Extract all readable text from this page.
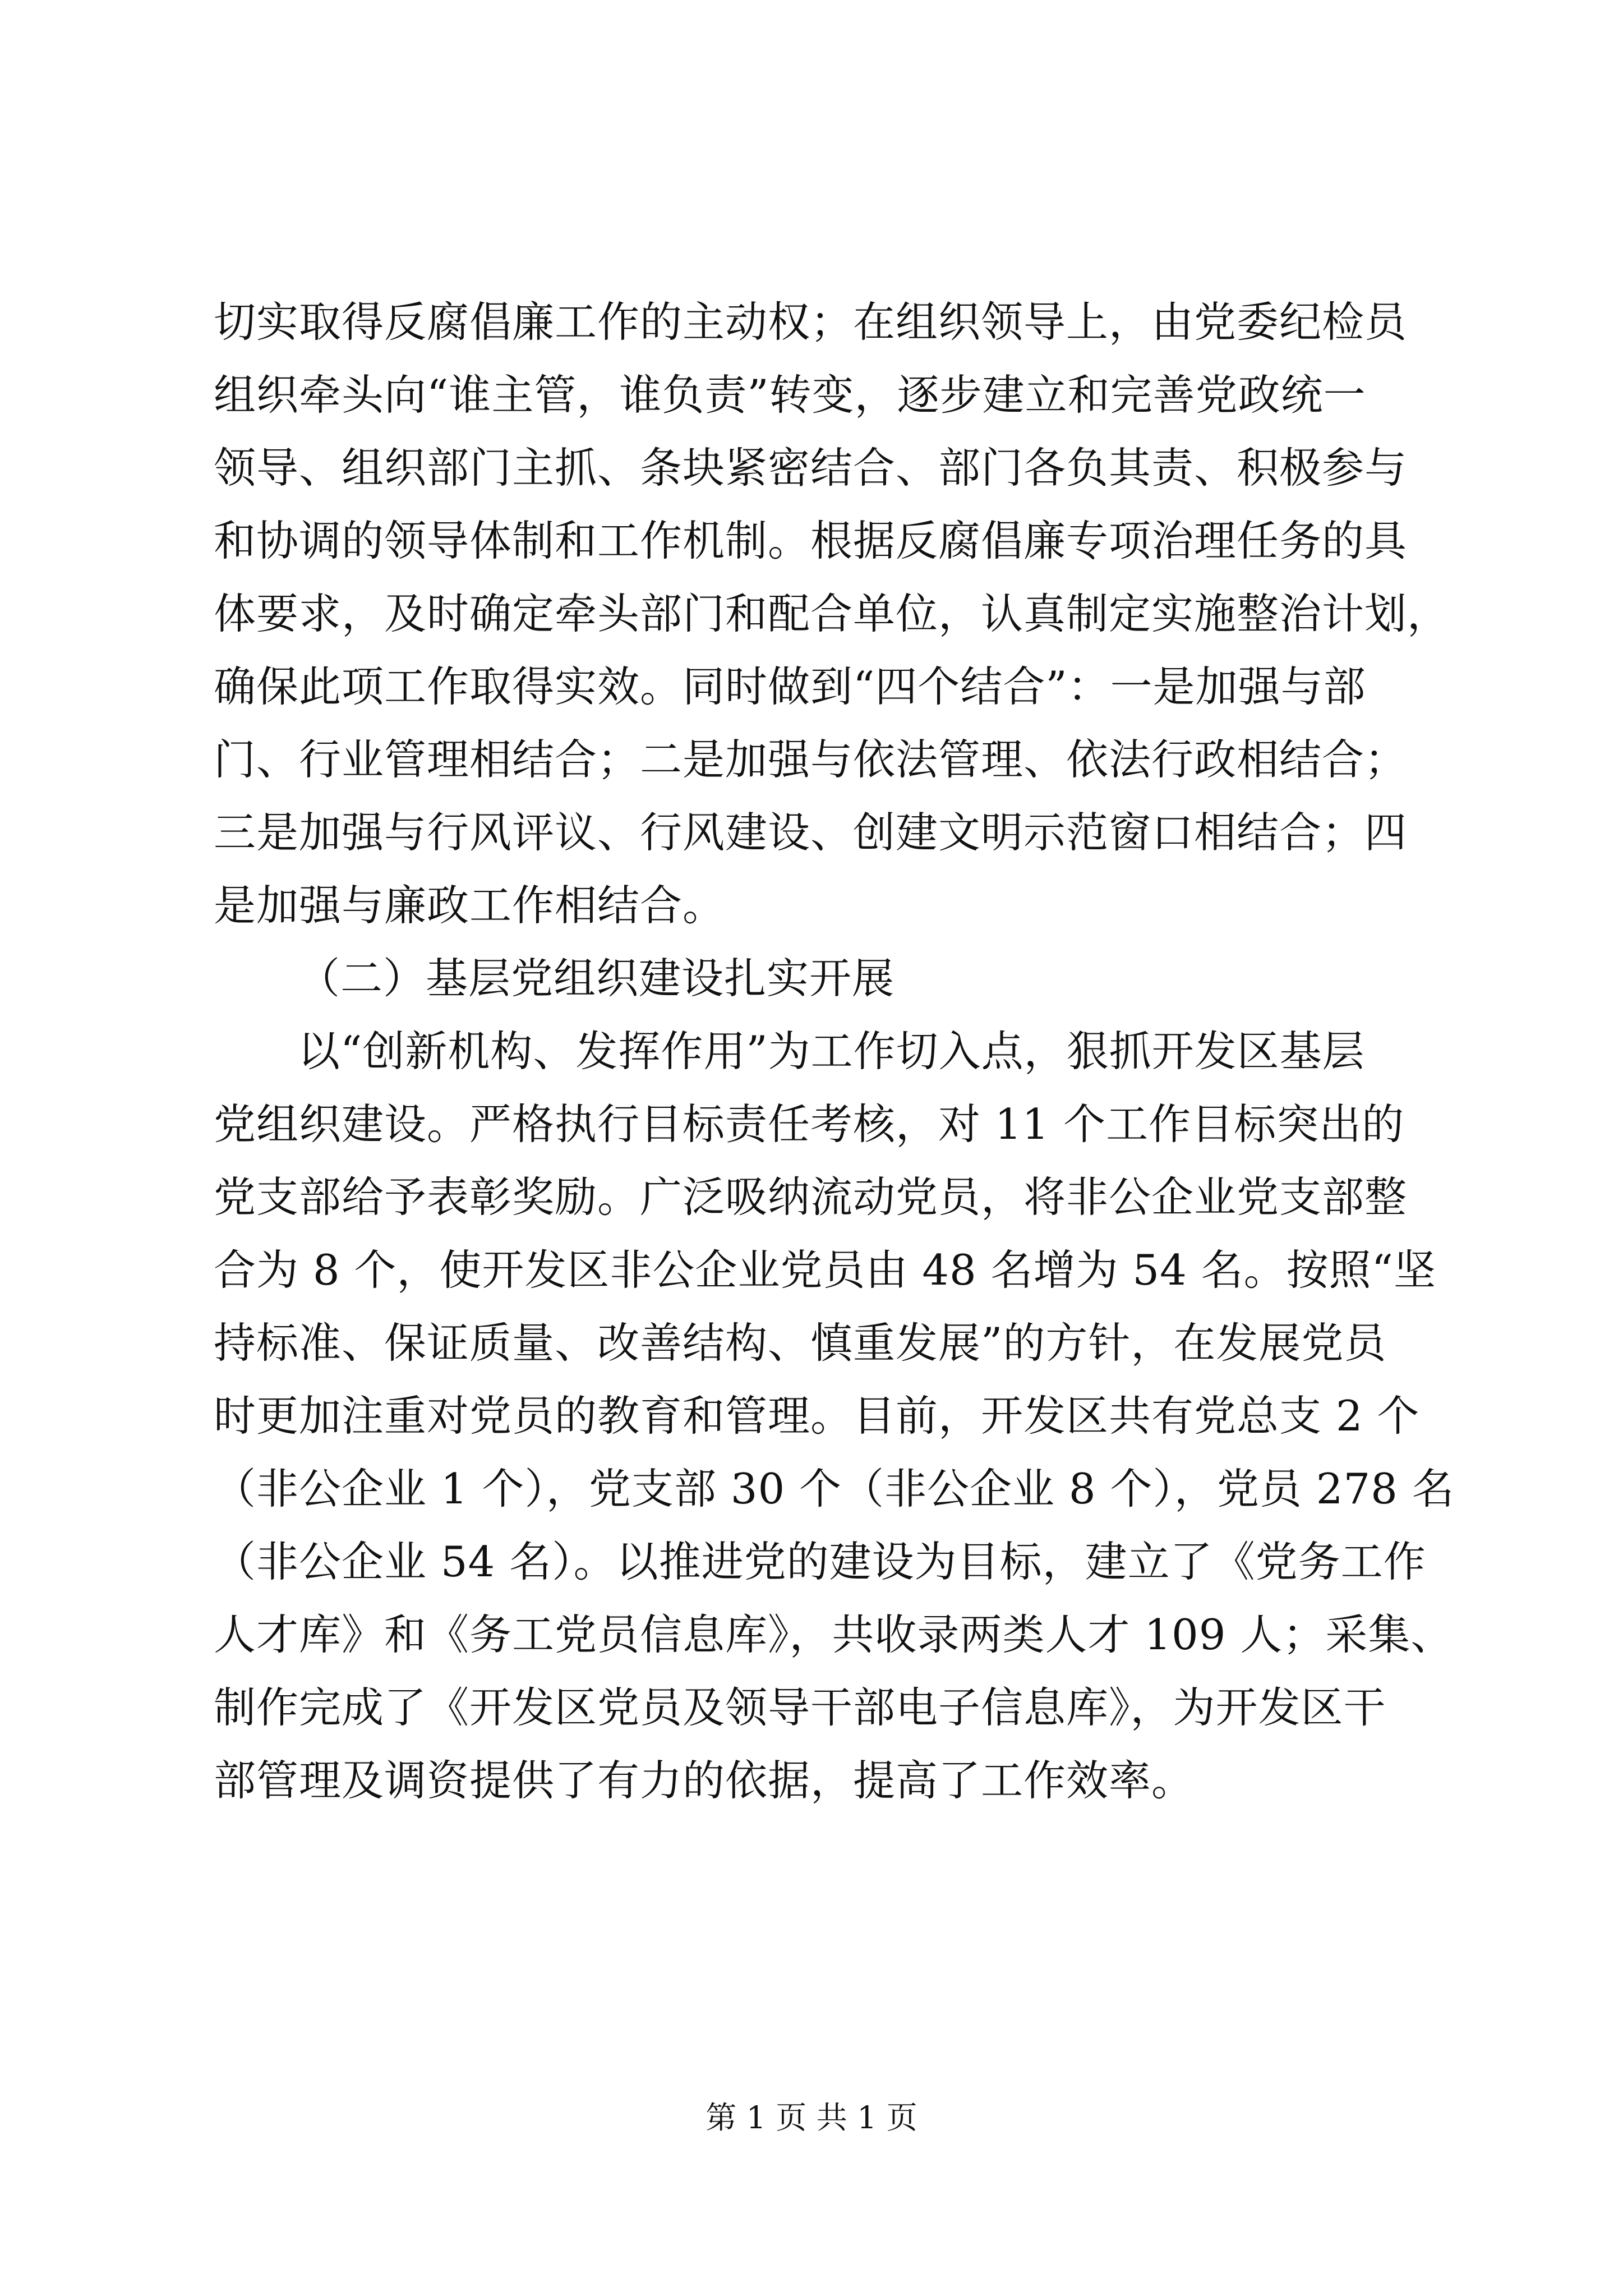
切实取得反腐倡廉工作的主动权；在组织领导上，由党委纪检员
组织牵头向“谁主管，谁负责”转变，逐步建立和完善党政统一
领导、组织部门主抓、条块紧密结合、部门各负其责、积极参与
和协调的领导体制和工作机制。根据反腐倡廉专项治理任务的具
体要求，及时确定牵头部门和配合单位，认真制定实施整治计划，
确保此项工作取得实效。同时做到“四个结合”：一是加强与部
门、行业管理相结合；二是加强与依法管理、依法行政相结合；
三是加强与行风评议、行风建设、创建文明示范窗口相结合；四
是加强与廉政工作相结合。
（二）基层党组织建设扎实开展
以“创新机构、发挥作用”为工作切入点，狠抓开发区基层
党组织建设。严格执行目标责任考核，对 11 个工作目标突出的
党支部给予表彰奖励。广泛吸纳流动党员，将非公企业党支部整
合为 8 个，使开发区非公企业党员由 48 名增为 54 名。按照“坚
持标准、保证质量、改善结构、慎重发展”的方针，在发展党员
时更加注重对党员的教育和管理。目前，开发区共有党总支 2 个
（非公企业 1 个），党支部 30 个（非公企业 8 个），党员 278 名
（非公企业 54 名）。以推进党的建设为目标，建立了《党务工作
人才库》和《务工党员信息库》，共收录两类人才 109 人；采集、
制作完成了《开发区党员及领导干部电子信息库》，为开发区干
部管理及调资提供了有力的依据，提高了工作效率。
第 1 页 共 1 页
